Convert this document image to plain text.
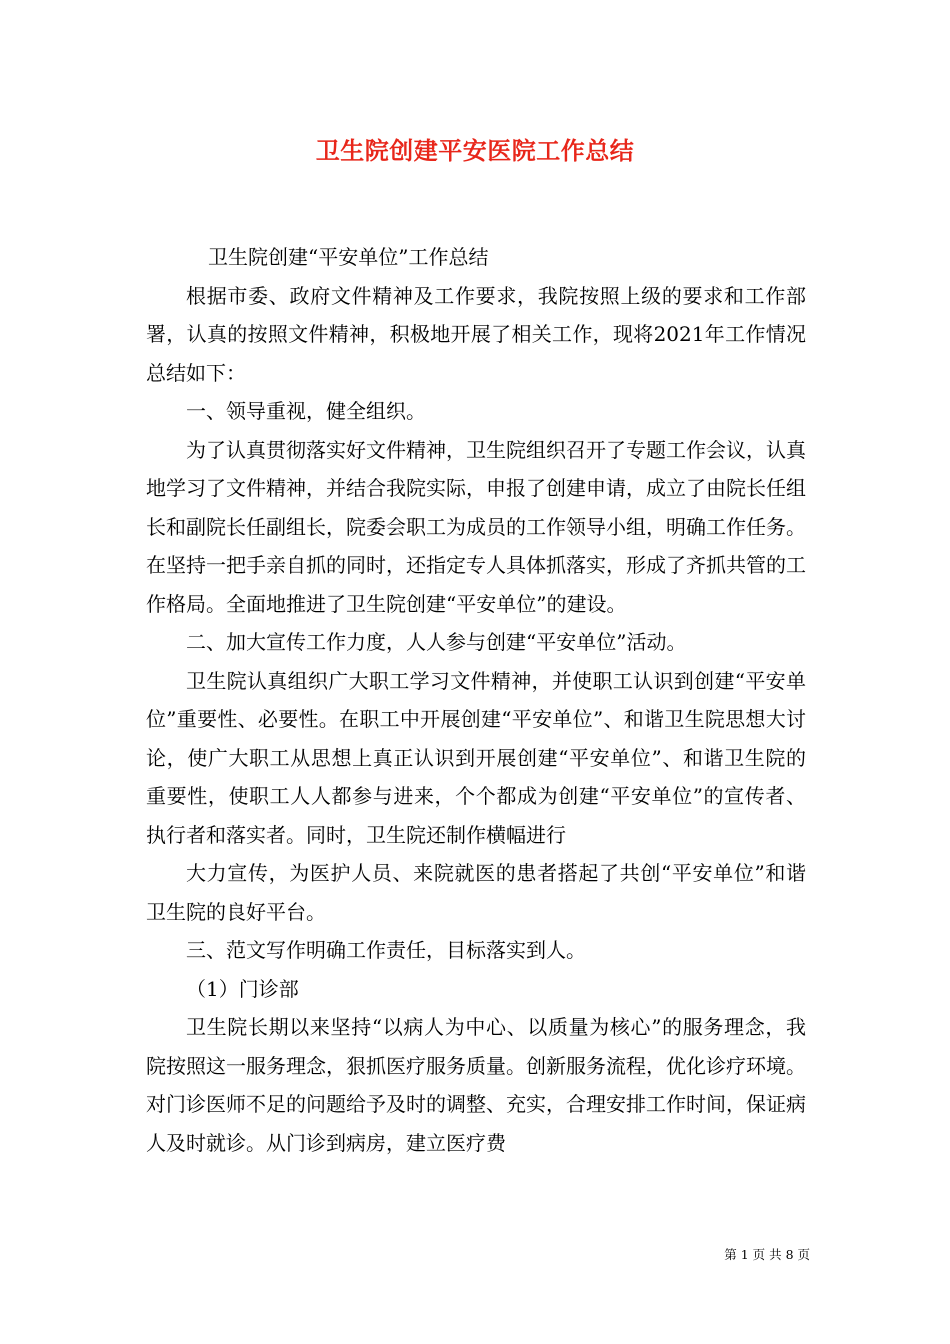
卫生院创建平安医院工作总结

卫生院创建“平安单位”工作总结

根据市委、政府文件精神及工作要求，我院按照上级的要求和工作部署，认真的按照文件精神，积极地开展了相关工作，现将2021年工作情况总结如下：

一、领导重视，健全组织。

为了认真贯彻落实好文件精神，卫生院组织召开了专题工作会议，认真地学习了文件精神，并结合我院实际，申报了创建申请，成立了由院长任组长和副院长任副组长，院委会职工为成员的工作领导小组，明确工作任务。在坚持一把手亲自抓的同时，还指定专人具体抓落实，形成了齐抓共管的工作格局。全面地推进了卫生院创建“平安单位”的建设。

二、加大宣传工作力度，人人参与创建“平安单位”活动。

卫生院认真组织广大职工学习文件精神，并使职工认识到创建“平安单位”重要性、必要性。在职工中开展创建“平安单位”、和谐卫生院思想大讨论，使广大职工从思想上真正认识到开展创建“平安单位”、和谐卫生院的重要性，使职工人人都参与进来，个个都成为创建“平安单位”的宣传者、执行者和落实者。同时，卫生院还制作横幅进行

大力宣传，为医护人员、来院就医的患者搭起了共创“平安单位”和谐卫生院的良好平台。

三、范文写作明确工作责任，目标落实到人。

（1）门诊部

卫生院长期以来坚持“以病人为中心、以质量为核心”的服务理念，我院按照这一服务理念，狠抓医疗服务质量。创新服务流程，优化诊疗环境。对门诊医师不足的问题给予及时的调整、充实，合理安排工作时间，保证病人及时就诊。从门诊到病房，建立医疗费

第 1 页 共 8 页
